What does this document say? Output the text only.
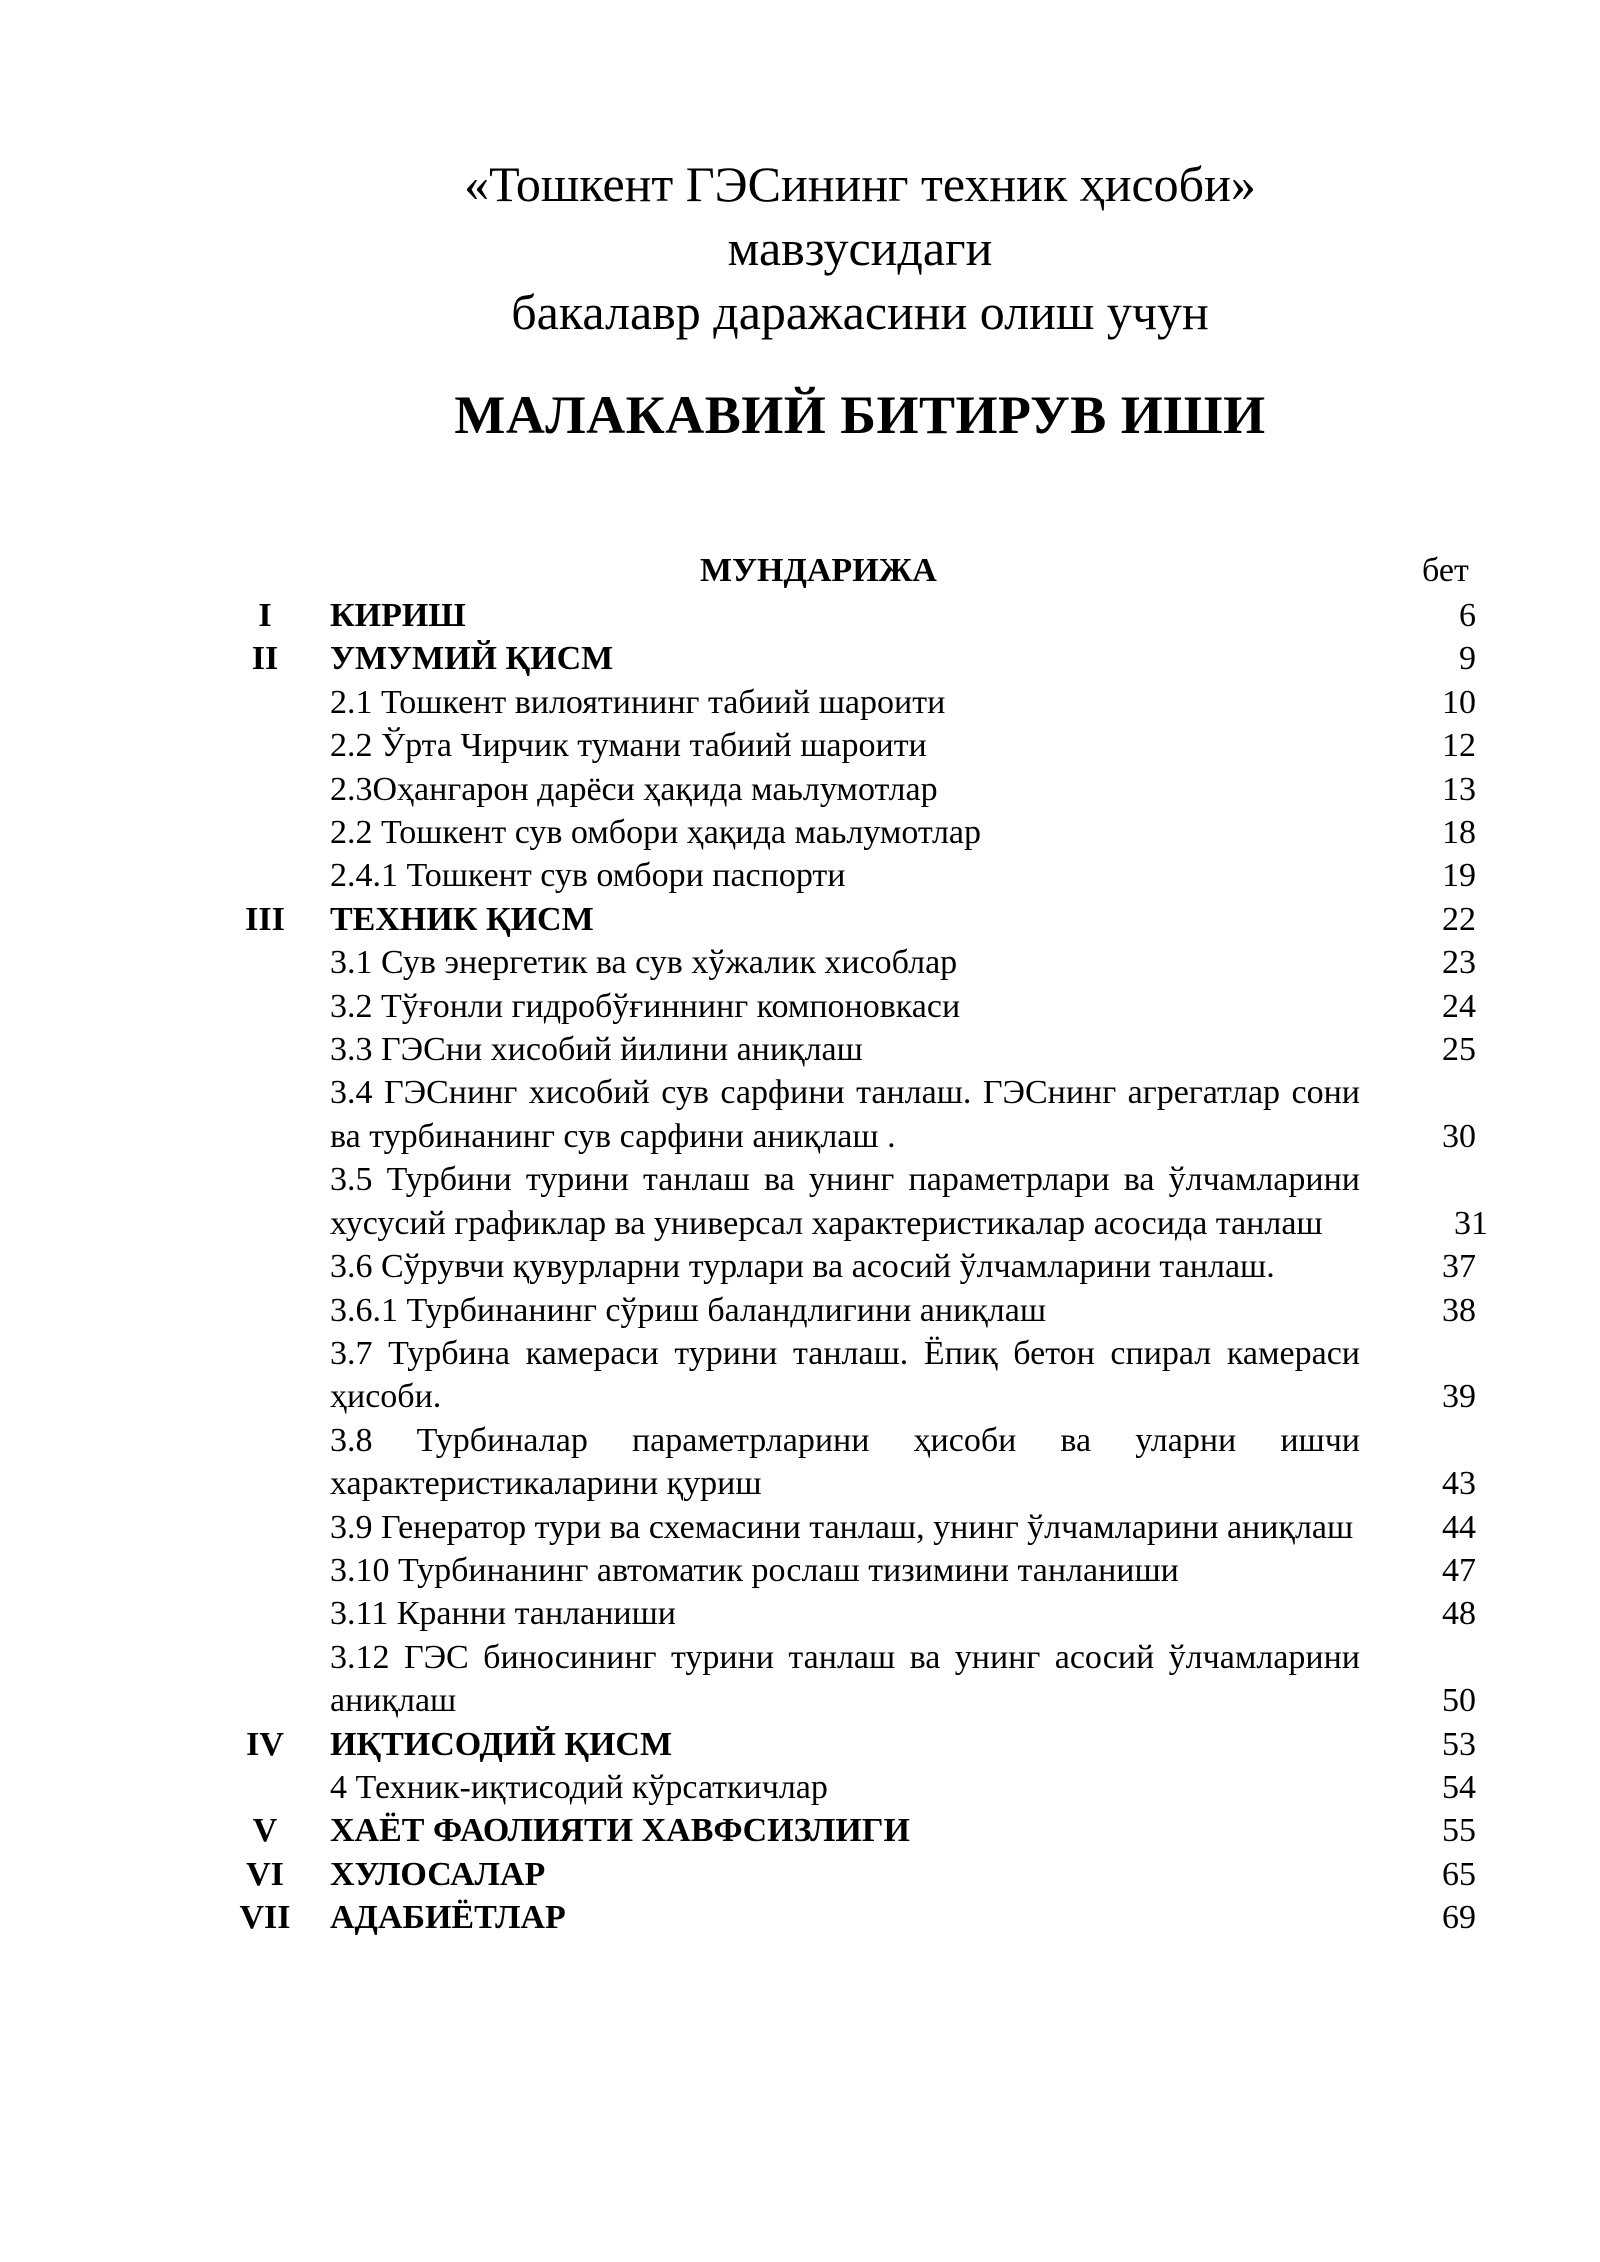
«Тошкент ГЭСининг техник ҳисоби»
мавзусидаги
бакалавр даражасини олиш учун
МАЛАКАВИЙ БИТИРУВ ИШИ
МУНДАРИЖА	бет
I	КИРИШ	6
II	УМУМИЙ ҚИСМ	9
2.1 Тошкент вилоятининг табиий шароити	10
2.2 Ўрта Чирчик тумани табиий шароити	12
2.3Оҳангарон дарёси ҳақида маьлумотлар	13
2.2 Тошкент сув омбори ҳақида маьлумотлар	18
2.4.1 Тошкент сув омбори паспорти	19
III	ТЕХНИК ҚИСМ	22
3.1 Сув энергетик ва сув хўжалик хисоблар	23
3.2 Тўғонли гидробўғиннинг компоновкаси	24
3.3 ГЭСни хисобий йилини аниқлаш	25
3.4 ГЭСнинг хисобий сув сарфини танлаш. ГЭСнинг агрегатлар сони ва турбинанинг сув сарфини аниқлаш .	30
3.5 Турбини турини танлаш ва унинг параметрлари ва ўлчамларини хусусий графиклар ва универсал характеристикалар асосида танлаш	31
3.6 Сўрувчи қувурларни турлари ва асосий ўлчамларини танлаш.	37
3.6.1 Турбинанинг сўриш баландлигини аниқлаш	38
3.7 Турбина камераси турини танлаш. Ёпиқ бетон спирал камераси ҳисоби.	39
3.8 Турбиналар параметрларини ҳисоби ва уларни ишчи характеристикаларини қуриш	43
3.9 Генератор тури ва схемасини танлаш, унинг ўлчамларини аниқлаш	44
3.10 Турбинанинг автоматик рослаш тизимини танланиши	47
3.11 Кранни танланиши	48
3.12 ГЭС биносининг турини танлаш ва унинг асосий ўлчамларини аниқлаш	50
IV	ИҚТИСОДИЙ ҚИСМ	53
4 Техник-иқтисодий кўрсаткичлар	54
V	ХАЁТ ФАОЛИЯТИ ХАВФСИЗЛИГИ	55
VI	ХУЛОСАЛАР	65
VII	АДАБИЁТЛАР	69
